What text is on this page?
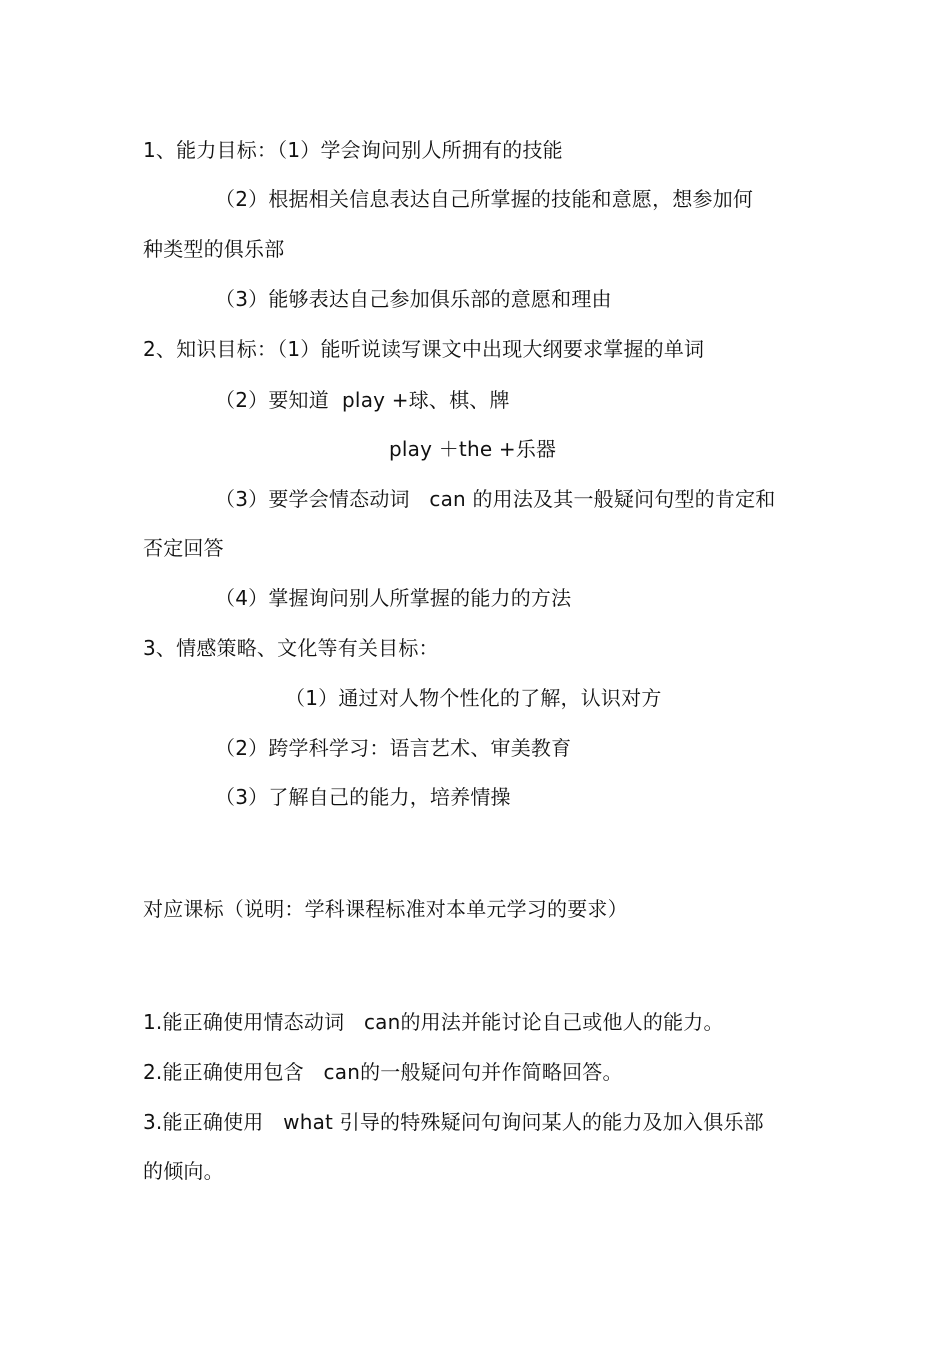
1、能力目标：（1）学会询问别人所拥有的技能
（2）根据相关信息表达自己所掌握的技能和意愿，想参加何
种类型的俱乐部
（3）能够表达自己参加俱乐部的意愿和理由
2、知识目标：（1）能听说读写课文中出现大纲要求掌握的单词
（2）要知道  play +球、棋、牌
play ＋the +乐器
（3）要学会情态动词   can 的用法及其一般疑问句型的肯定和
否定回答
（4）掌握询问别人所掌握的能力的方法
3、情感策略、文化等有关目标：
（1）通过对人物个性化的了解，认识对方
（2）跨学科学习：语言艺术、审美教育
（3）了解自己的能力，培养情操
对应课标（说明：学科课程标准对本单元学习的要求）
1.能正确使用情态动词   can的用法并能讨论自己或他人的能力。
2.能正确使用包含   can的一般疑问句并作简略回答。
3.能正确使用   what 引导的特殊疑问句询问某人的能力及加入俱乐部
的倾向。
